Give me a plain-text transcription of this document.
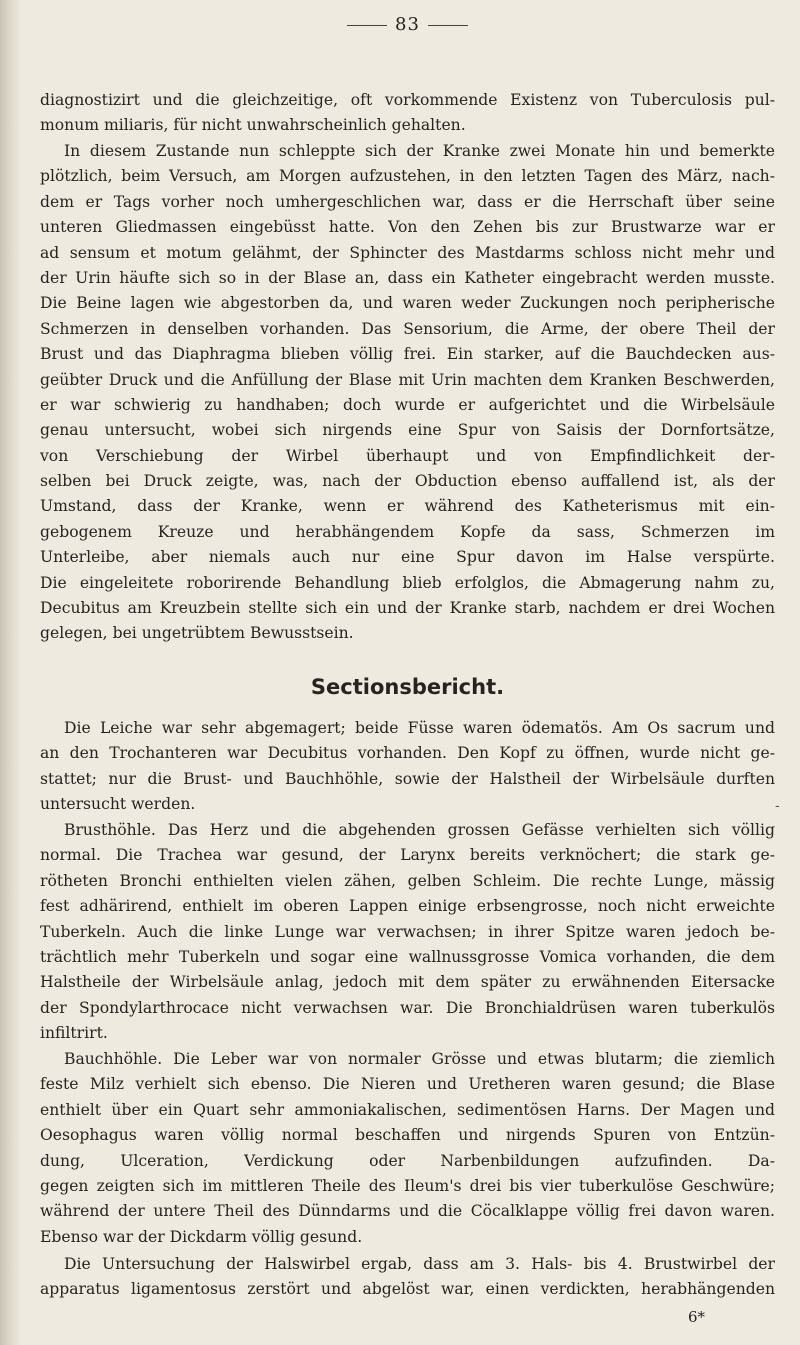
83
diagnostizirt und die gleichzeitige, oft vorkommende Existenz von Tuberculosis pul-
monum miliaris, für nicht unwahrscheinlich gehalten.
In diesem Zustande nun schleppte sich der Kranke zwei Monate hin und bemerkte
plötzlich, beim Versuch, am Morgen aufzustehen, in den letzten Tagen des März, nach-
dem er Tags vorher noch umhergeschlichen war, dass er die Herrschaft über seine
unteren Gliedmassen eingebüsst hatte. Von den Zehen bis zur Brustwarze war er
ad sensum et motum gelähmt, der Sphincter des Mastdarms schloss nicht mehr und
der Urin häufte sich so in der Blase an, dass ein Katheter eingebracht werden musste.
Die Beine lagen wie abgestorben da, und waren weder Zuckungen noch peripherische
Schmerzen in denselben vorhanden. Das Sensorium, die Arme, der obere Theil der
Brust und das Diaphragma blieben völlig frei. Ein starker, auf die Bauchdecken aus-
geübter Druck und die Anfüllung der Blase mit Urin machten dem Kranken Beschwerden,
er war schwierig zu handhaben; doch wurde er aufgerichtet und die Wirbelsäule
genau untersucht, wobei sich nirgends eine Spur von Saisis der Dornfortsätze,
von Verschiebung der Wirbel überhaupt und von Empfindlichkeit der-
selben bei Druck zeigte, was, nach der Obduction ebenso auffallend ist, als der
Umstand, dass der Kranke, wenn er während des Katheterismus mit ein-
gebogenem Kreuze und herabhängendem Kopfe da sass, Schmerzen im
Unterleibe, aber niemals auch nur eine Spur davon im Halse verspürte.
Die eingeleitete roborirende Behandlung blieb erfolglos, die Abmagerung nahm zu,
Decubitus am Kreuzbein stellte sich ein und der Kranke starb, nachdem er drei Wochen
gelegen, bei ungetrübtem Bewusstsein.
Sectionsbericht.
Die Leiche war sehr abgemagert; beide Füsse waren ödematös. Am Os sacrum und
an den Trochanteren war Decubitus vorhanden. Den Kopf zu öffnen, wurde nicht ge-
stattet; nur die Brust- und Bauchhöhle, sowie der Halstheil der Wirbelsäule durften
untersucht werden.
Brusthöhle. Das Herz und die abgehenden grossen Gefässe verhielten sich völlig
normal. Die Trachea war gesund, der Larynx bereits verknöchert; die stark ge-
rötheten Bronchi enthielten vielen zähen, gelben Schleim. Die rechte Lunge, mässig
fest adhärirend, enthielt im oberen Lappen einige erbsengrosse, noch nicht erweichte
Tuberkeln. Auch die linke Lunge war verwachsen; in ihrer Spitze waren jedoch be-
trächtlich mehr Tuberkeln und sogar eine wallnussgrosse Vomica vorhanden, die dem
Halstheile der Wirbelsäule anlag, jedoch mit dem später zu erwähnenden Eitersacke
der Spondylarthrocace nicht verwachsen war. Die Bronchialdrüsen waren tuberkulös
infiltrirt.
Bauchhöhle. Die Leber war von normaler Grösse und etwas blutarm; die ziemlich
feste Milz verhielt sich ebenso. Die Nieren und Uretheren waren gesund; die Blase
enthielt über ein Quart sehr ammoniakalischen, sedimentösen Harns. Der Magen und
Oesophagus waren völlig normal beschaffen und nirgends Spuren von Entzün-
dung, Ulceration, Verdickung oder Narbenbildungen aufzufinden. Da-
gegen zeigten sich im mittleren Theile des Ileum's drei bis vier tuberkulöse Geschwüre;
während der untere Theil des Dünndarms und die Cöcalklappe völlig frei davon waren.
Ebenso war der Dickdarm völlig gesund.
Die Untersuchung der Halswirbel ergab, dass am 3. Hals- bis 4. Brustwirbel der
apparatus ligamentosus zerstört und abgelöst war, einen verdickten, herabhängenden
6*
-
